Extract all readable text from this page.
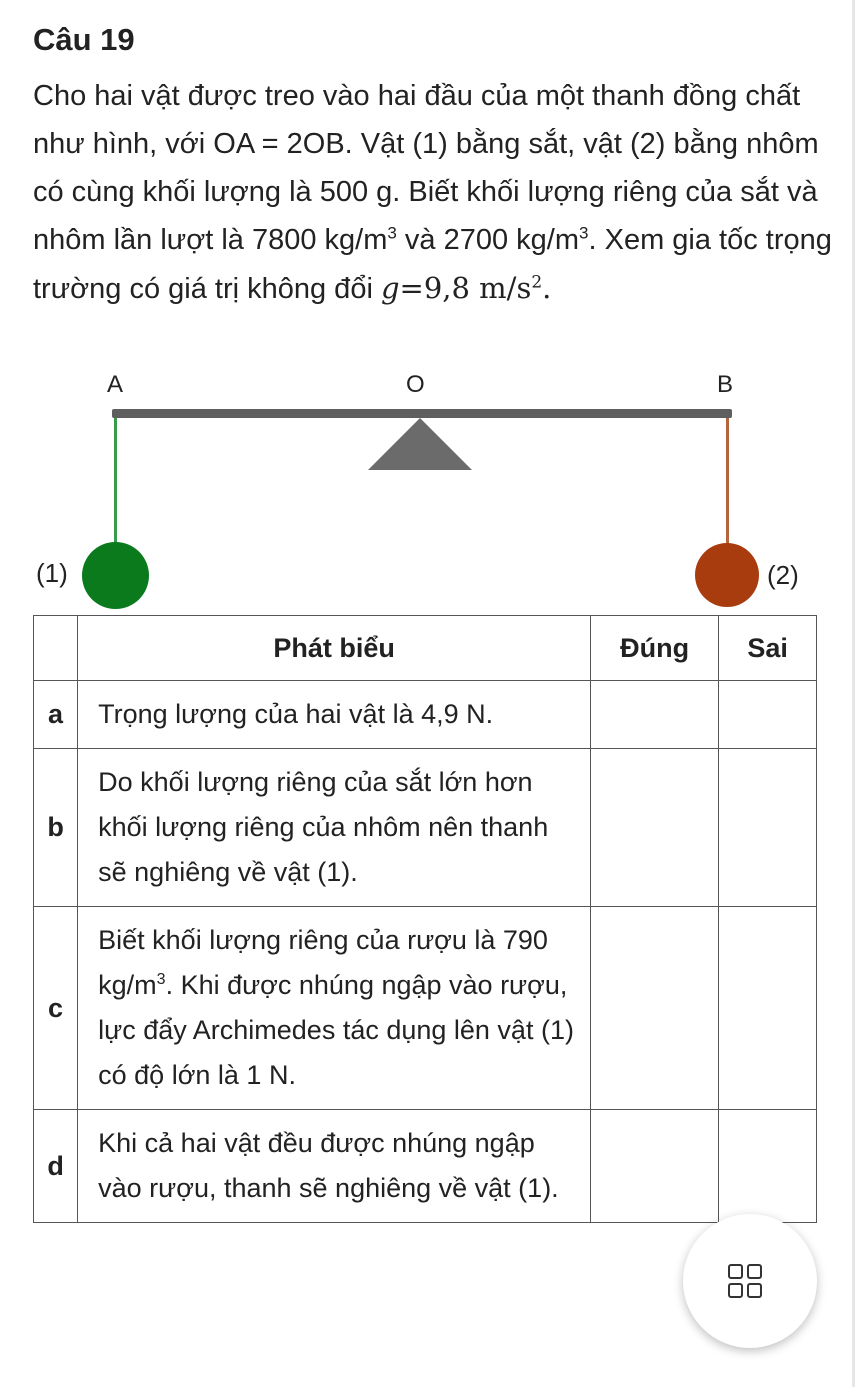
Câu 19

Cho hai vật được treo vào hai đầu của một thanh đồng chất như hình, với OA = 2OB. Vật (1) bằng sắt, vật (2) bằng nhôm có cùng khối lượng là 500 g. Biết khối lượng riêng của sắt và nhôm lần lượt là 7800 $kg/m^3$ và 2700 $kg/m^3$. Xem gia tốc trọng trường có giá trị không đổi g=9,8 $m/s^2$.

A	O	B
(1)	(2)
	Phát biểu	Đúng	Sai
a	Trọng lượng của hai vật là 4,9 N.		
b	Do khối lượng riêng của sắt lớn hơn khối lượng riêng của nhôm nên thanh sẽ nghiêng về vật (1).		
c	Biết khối lượng riêng của rượu là 790 $kg/m^3$. Khi được nhúng ngập vào rượu, lực đẩy Archimedes tác dụng lên vật (1) có độ lớn là 1 N.		
d	Khi cả hai vật đều được nhúng ngập vào rượu, thanh sẽ nghiêng về vật (1).		
